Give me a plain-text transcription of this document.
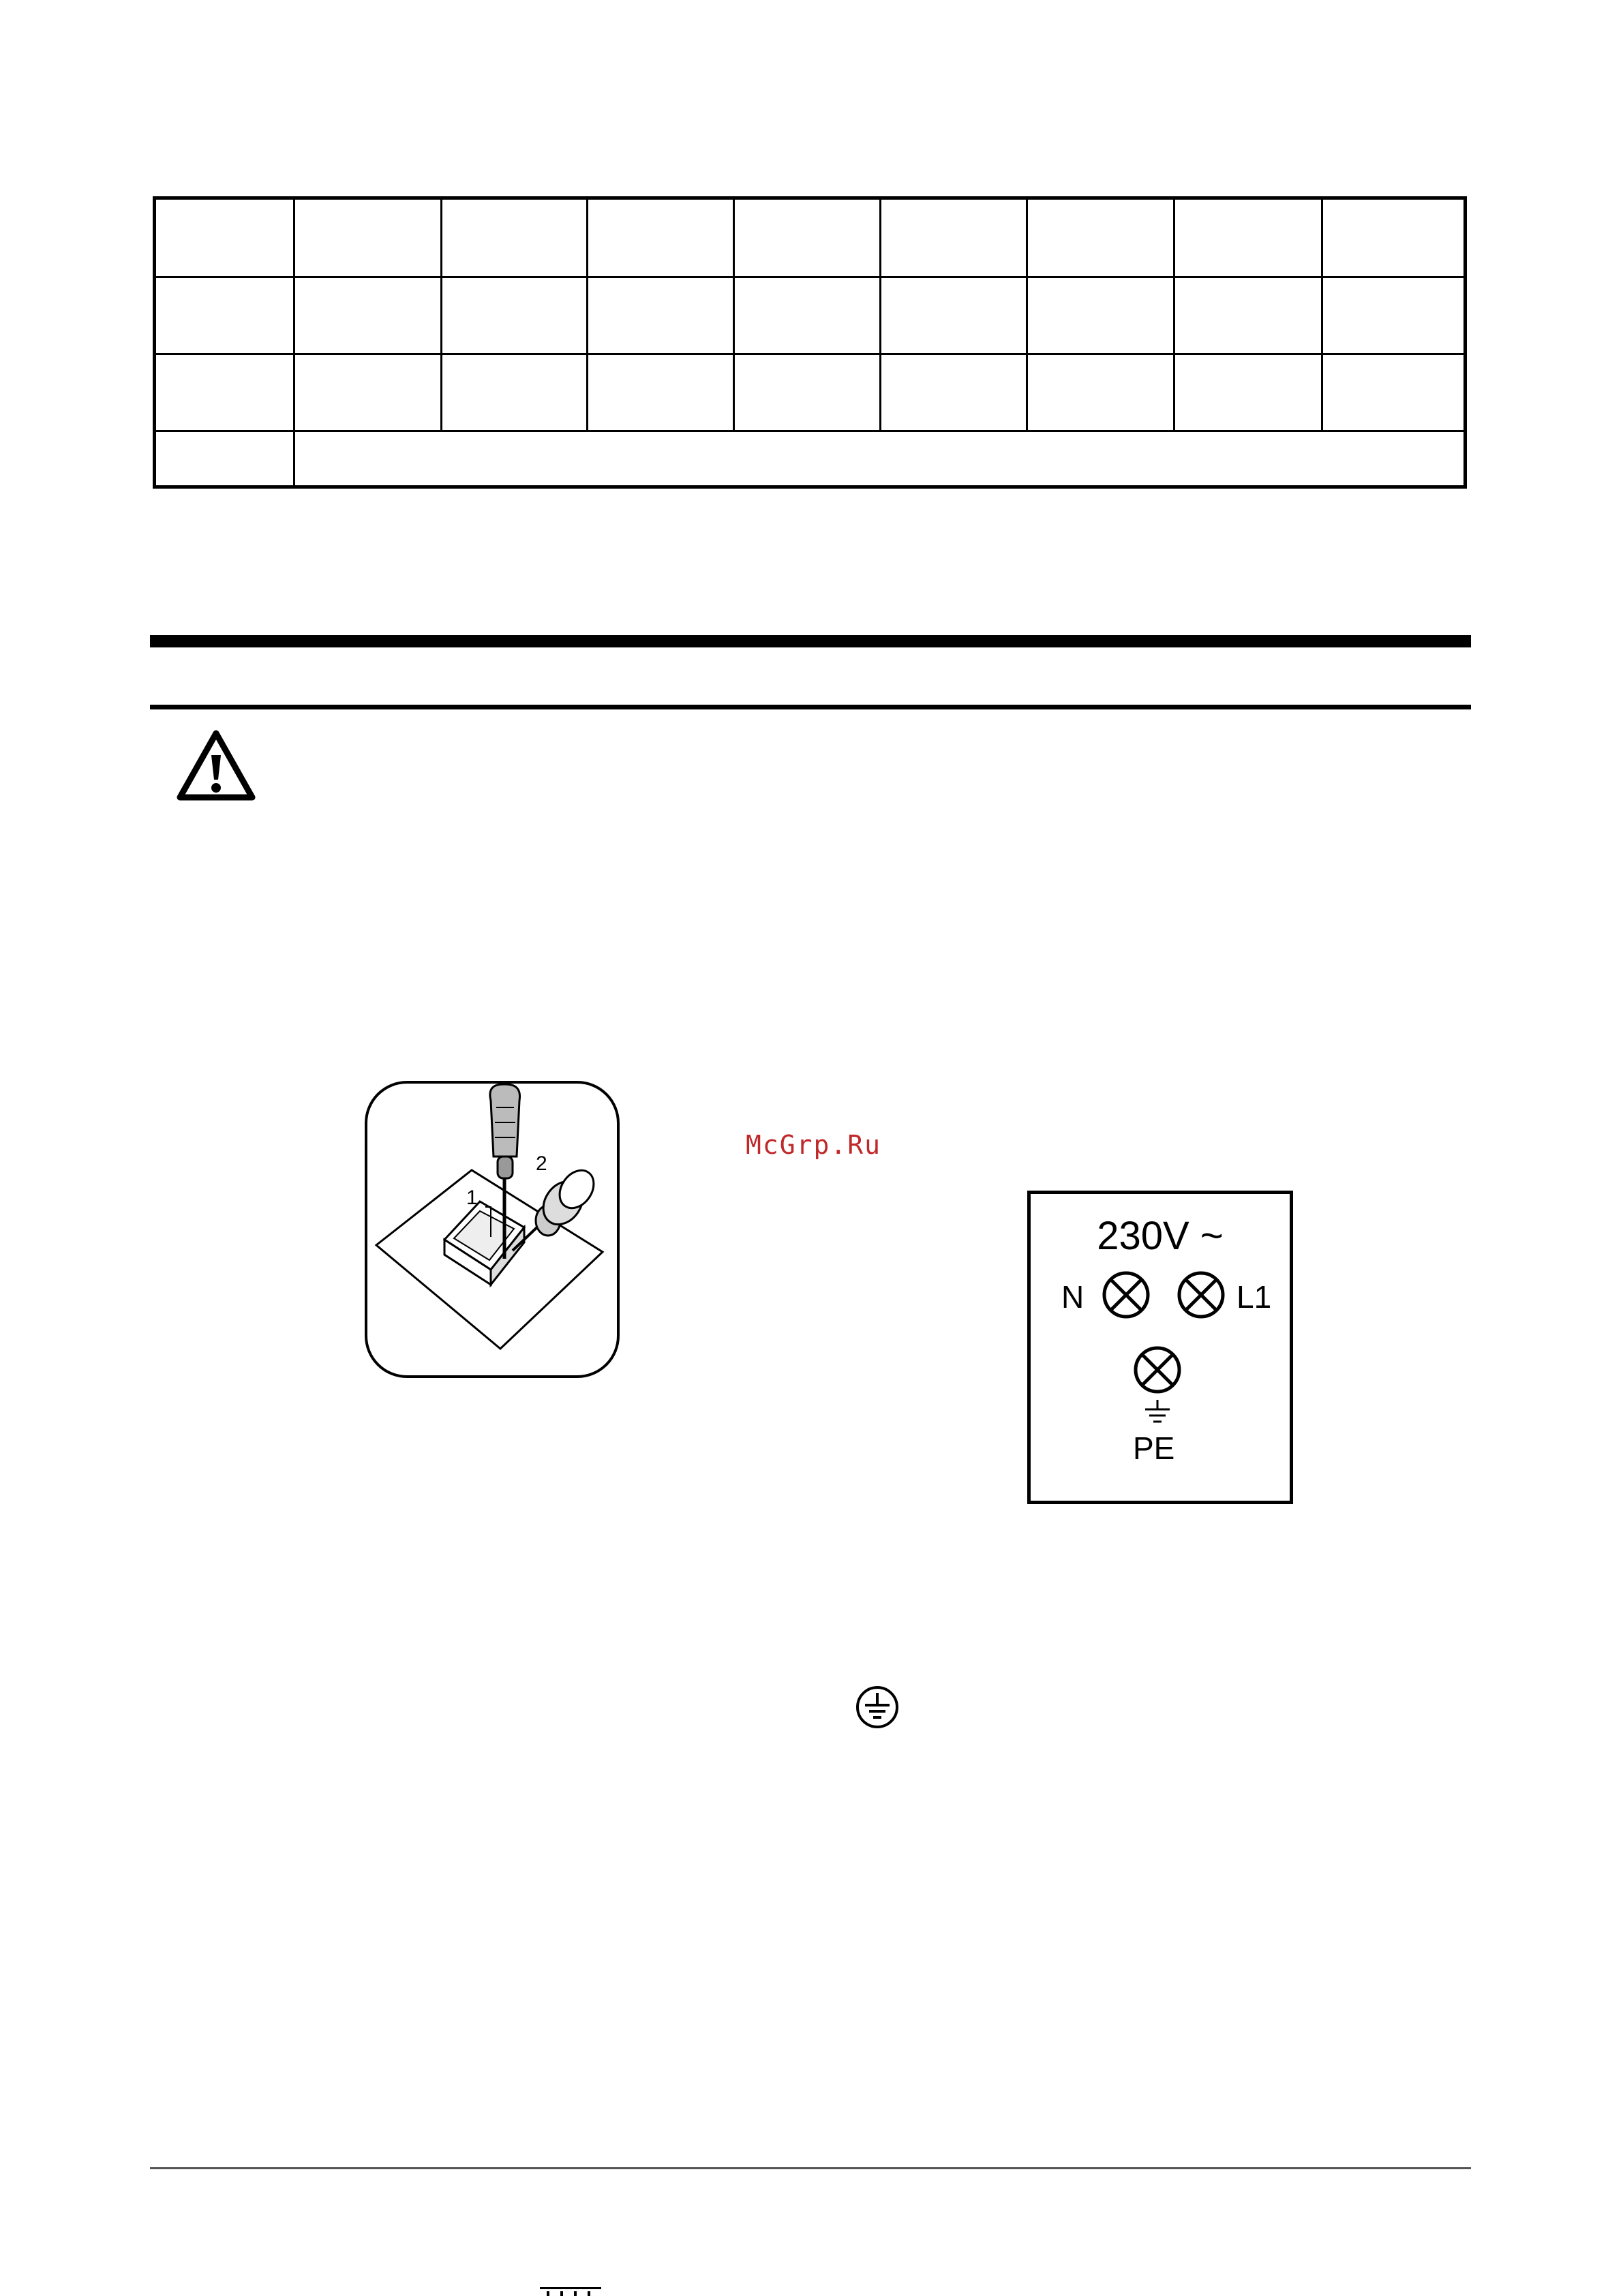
1
2
McGrp.Ru
230V ~
N	L1
PE
